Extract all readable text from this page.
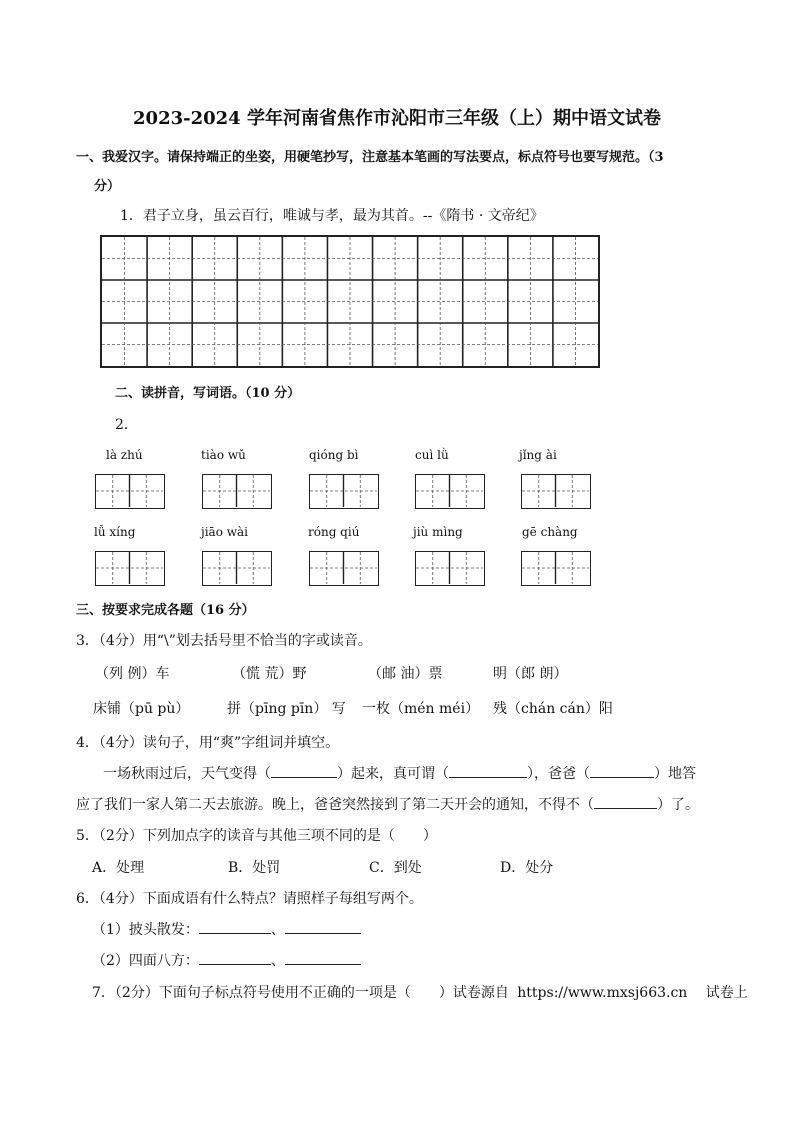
2023-2024 学年河南省焦作市沁阳市三年级（上）期中语文试卷
一、我爱汉字。请保持端正的坐姿，用硬笔抄写，注意基本笔画的写法要点，标点符号也要写规范。（3
分）
1．君子立身，虽云百行，唯诚与孝，最为其首。--《隋书 · 文帝纪》
二、读拼音，写词语。（10 分）
2．
là zhú	tiào wǔ	qióng bì	cuì lǜ	jǐng ài
lǚ xíng	jiāo wài	róng qiú	jiù mìng	gē chàng
三、按要求完成各题（16 分）
3．（4分）用“\”划去括号里不恰当的字或读音。
（列 例）车	（慌 荒）野	（邮 油）票	明（郎 朗）
床铺（pū pù）	拼（pīng pīn） 写 一枚（mén méi） 残（chán cán）阳
4．（4分）读句子，用“爽”字组词并填空。
一场秋雨过后，天气变得（	）起来，真可谓（	），爸爸（	）地答
应了我们一家人第二天去旅游。晚上，爸爸突然接到了第二天开会的通知，不得不（	）了。
5．（2分）下列加点字的读音与其他三项不同的是（　　）
A．处理	B．处罚	C．到处	D．处分
6．（4分）下面成语有什么特点？请照样子每组写两个。
（1）披头散发：	、
（2）四面八方：	、
7．（2分）下面句子标点符号使用不正确的一项是（　　）试卷源自 https://www.mxsj663.cn 试卷上
